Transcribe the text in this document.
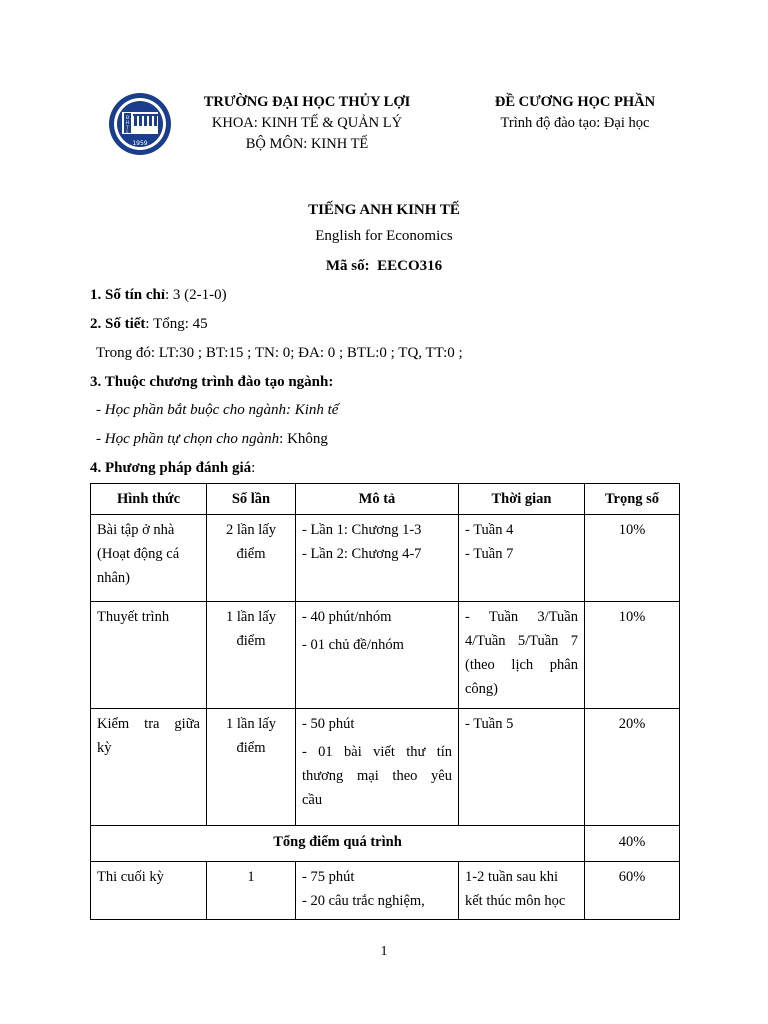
Đ
H
T
L
1959
TRƯỜNG ĐẠI HỌC THỦY LỢI
KHOA: KINH TẾ & QUẢN LÝ
BỘ MÔN: KINH TẾ
ĐỀ CƯƠNG HỌC PHẦN
Trình độ đào tạo: Đại học
TIẾNG ANH KINH TẾ
English for Economics
Mã số: EECO316
1. Số tín chỉ: 3 (2-1-0)
2. Số tiết: Tổng: 45
Trong đó: LT:30 ; BT:15 ; TN: 0; ĐA: 0 ; BTL:0 ; TQ, TT:0 ;
3. Thuộc chương trình đào tạo ngành:
- Học phần bắt buộc cho ngành: Kinh tế
- Học phần tự chọn cho ngành: Không
4. Phương pháp đánh giá:
Hình thức	Số lần	Mô tả	Thời gian	Trọng số

Bài tập ở nhà
(Hoạt động cá
nhân)	2 lần lấy
điểm	- Lần 1: Chương 1-3
- Lần 2: Chương 4-7	- Tuần 4
- Tuần 7	10%

Thuyết trình	1 lần lấy
điểm	- 40 phút/nhóm
- 01 chủ đề/nhóm	- Tuần 3/Tuần
4/Tuần 5/Tuần 7
(theo lịch phân
công)	10%

Kiểm tra giữa
kỳ	1 lần lấy
điểm	- 50 phút
- 01 bài viết thư tín
thương mại theo yêu
cầu	- Tuần 5	20%
Tổng điểm quá trình				40%
Thi cuối kỳ	1	- 75 phút
- 20 câu trắc nghiệm,	1-2 tuần sau khi
kết thúc môn học	60%
1
